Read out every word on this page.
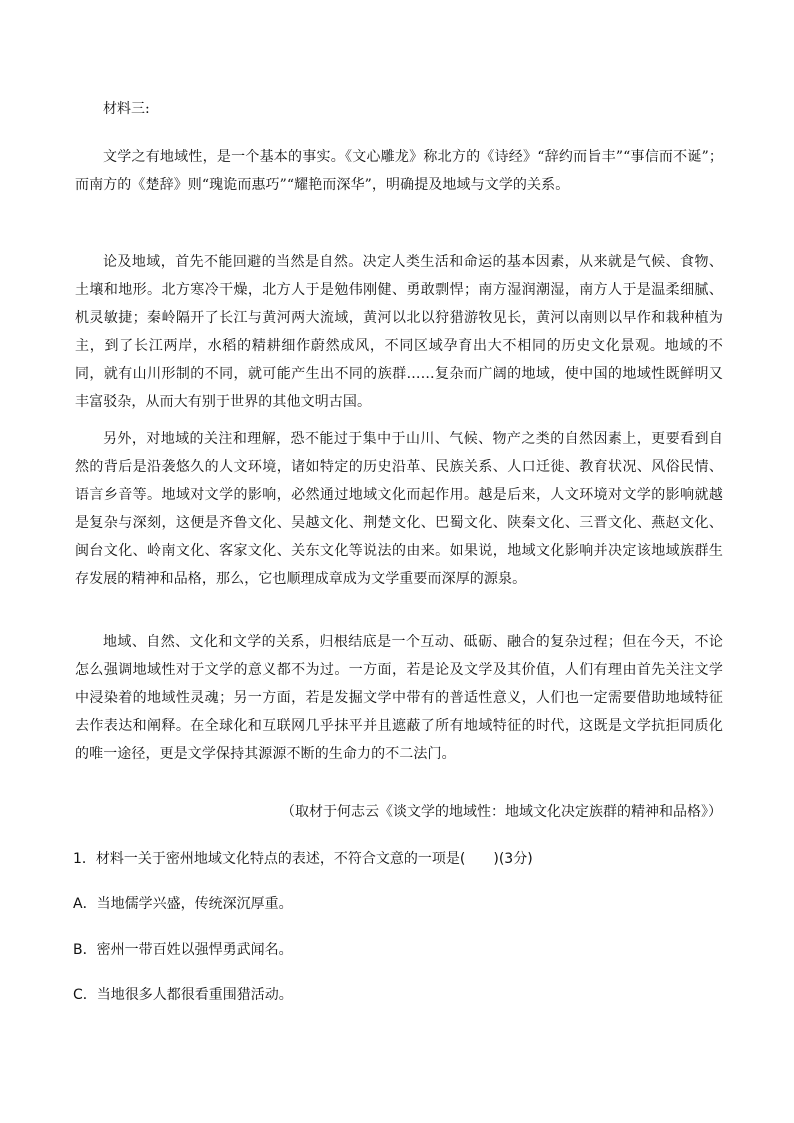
材料三:

文学之有地域性，是一个基本的事实。《文心雕龙》称北方的《诗经》“辞约而旨丰”“事信而不诞”；而南方的《楚辞》则“瑰诡而惠巧”“耀艳而深华”，明确提及地域与文学的关系。

论及地域，首先不能回避的当然是自然。决定人类生活和命运的基本因素，从来就是气候、食物、土壤和地形。北方寒冷干燥，北方人于是勉伟刚健、勇敢剽悍；南方湿润潮湿，南方人于是温柔细腻、机灵敏捷；秦岭隔开了长江与黄河两大流域，黄河以北以狩猎游牧见长，黄河以南则以早作和栽种植为主，到了长江两岸，水稻的精耕细作蔚然成风，不同区域孕育出大不相同的历史文化景观。地域的不同，就有山川形制的不同，就可能产生出不同的族群……复杂而广阔的地域，使中国的地域性既鲜明又丰富驳杂，从而大有别于世界的其他文明古国。

另外，对地域的关注和理解，恐不能过于集中于山川、气候、物产之类的自然因素上，更要看到自然的背后是沿袭悠久的人文环境，诸如特定的历史沿革、民族关系、人口迁徙、教育状况、风俗民情、语言乡音等。地域对文学的影响，必然通过地域文化而起作用。越是后来，人文环境对文学的影响就越是复杂与深刻，这便是齐鲁文化、吴越文化、荆楚文化、巴蜀文化、陕秦文化、三晋文化、燕赵文化、闽台文化、岭南文化、客家文化、关东文化等说法的由来。如果说，地域文化影响并决定该地域族群生存发展的精神和品格，那么，它也顺理成章成为文学重要而深厚的源泉。

地域、自然、文化和文学的关系，归根结底是一个互动、砥砺、融合的复杂过程；但在今天，不论怎么强调地域性对于文学的意义都不为过。一方面，若是论及文学及其价值，人们有理由首先关注文学中浸染着的地域性灵魂；另一方面，若是发掘文学中带有的普适性意义，人们也一定需要借助地域特征去作表达和阐释。在全球化和互联网几乎抹平并且遮蔽了所有地域特征的时代，这既是文学抗拒同质化的唯一途径，更是文学保持其源源不断的生命力的不二法门。

（取材于何志云《谈文学的地域性：地域文化决定族群的精神和品格》）

1．材料一关于密州地域文化特点的表述，不符合文意的一项是(　　)(3分)

A．当地儒学兴盛，传统深沉厚重。

B．密州一带百姓以强悍勇武闻名。

C．当地很多人都很看重围猎活动。
